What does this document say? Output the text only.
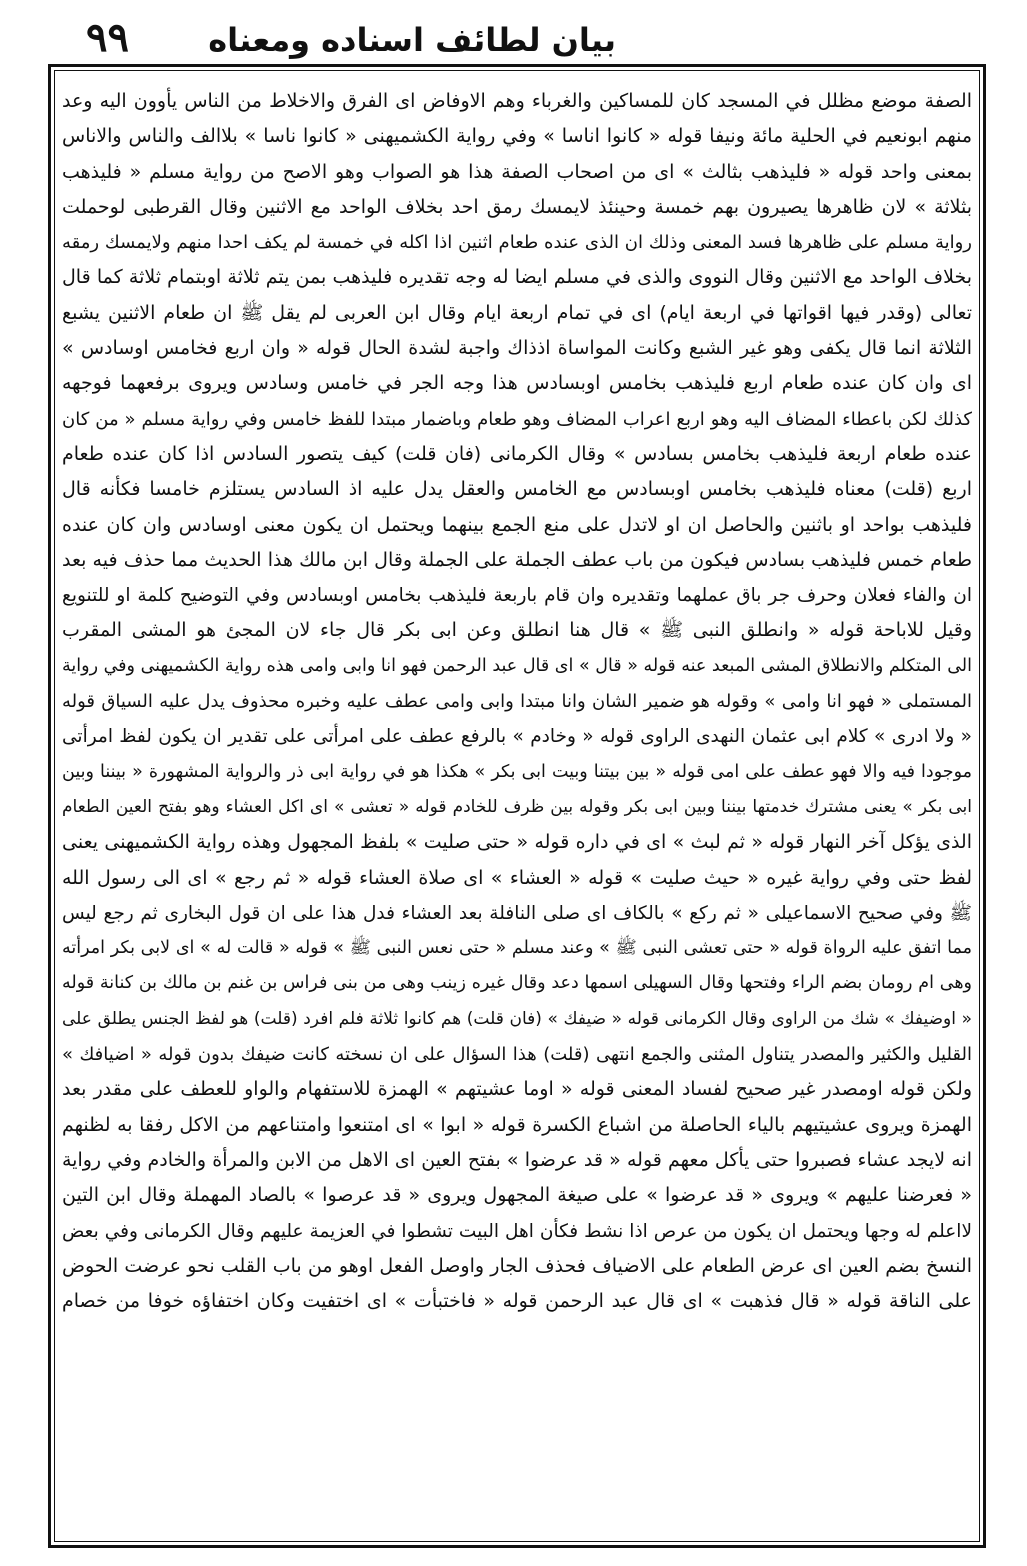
٩٩ بيان لطائف اسناده ومعناه
الصفة موضع مظلل في المسجد كان للمساكين والغرباء وهم الاوفاض اى الفرق والاخلاط من الناس يأوون اليه وعد
منهم ابونعيم في الحلية مائة ونيفا قوله « كانوا اناسا » وفي رواية الكشميهنى « كانوا ناسا » بلاالف والناس والاناس
بمعنى واحد قوله « فليذهب بثالث » اى من اصحاب الصفة هذا هو الصواب وهو الاصح من رواية مسلم « فليذهب
بثلاثة » لان ظاهرها يصيرون بهم خمسة وحينئذ لايمسك رمق احد بخلاف الواحد مع الاثنين وقال القرطبى لوحملت
رواية مسلم على ظاهرها فسد المعنى وذلك ان الذى عنده طعام اثنين اذا اكله في خمسة لم يكف احدا منهم ولايمسك رمقه
بخلاف الواحد مع الاثنين وقال النووى والذى في مسلم ايضا له وجه تقديره فليذهب بمن يتم ثلاثة اوبتمام ثلاثة كما قال
تعالى (وقدر فيها اقواتها في اربعة ايام) اى في تمام اربعة ايام وقال ابن العربى لم يقل ﷺ ان طعام الاثنين يشبع
الثلاثة انما قال يكفى وهو غير الشبع وكانت المواساة اذذاك واجبة لشدة الحال قوله « وان اربع فخامس اوسادس »
اى وان كان عنده طعام اربع فليذهب بخامس اوبسادس هذا وجه الجر في خامس وسادس ويروى برفعهما فوجهه
كذلك لكن باعطاء المضاف اليه وهو اربع اعراب المضاف وهو طعام وباضمار مبتدا للفظ خامس وفي رواية مسلم « من كان
عنده طعام اربعة فليذهب بخامس بسادس » وقال الكرمانى (فان قلت) كيف يتصور السادس اذا كان عنده طعام
اربع (قلت) معناه فليذهب بخامس اوبسادس مع الخامس والعقل يدل عليه اذ السادس يستلزم خامسا فكأنه قال
فليذهب بواحد او باثنين والحاصل ان او لاتدل على منع الجمع بينهما ويحتمل ان يكون معنى اوسادس وان كان عنده
طعام خمس فليذهب بسادس فيكون من باب عطف الجملة على الجملة وقال ابن مالك هذا الحديث مما حذف فيه بعد
ان والفاء فعلان وحرف جر باق عملهما وتقديره وان قام باربعة فليذهب بخامس اوبسادس وفي التوضيح كلمة او للتنويع
وقيل للاباحة قوله « وانطلق النبى ﷺ » قال هنا انطلق وعن ابى بكر قال جاء لان المجئ هو المشى المقرب
الى المتكلم والانطلاق المشى المبعد عنه قوله « قال » اى قال عبد الرحمن فهو انا وابى وامى هذه رواية الكشميهنى وفي رواية
المستملى « فهو انا وامى » وقوله هو ضمير الشان وانا مبتدا وابى وامى عطف عليه وخبره محذوف يدل عليه السياق قوله
« ولا ادرى » كلام ابى عثمان النهدى الراوى قوله « وخادم » بالرفع عطف على امرأتى على تقدير ان يكون لفظ امرأتى
موجودا فيه والا فهو عطف على امى قوله « بين بيتنا وبيت ابى بكر » هكذا هو في رواية ابى ذر والرواية المشهورة « بيننا وبين
ابى بكر » يعنى مشترك خدمتها بيننا وبين ابى بكر وقوله بين ظرف للخادم قوله « تعشى » اى اكل العشاء وهو بفتح العين الطعام
الذى يؤكل آخر النهار قوله « ثم لبث » اى في داره قوله « حتى صليت » بلفظ المجهول وهذه رواية الكشميهنى يعنى
لفظ حتى وفي رواية غيره « حيث صليت » قوله « العشاء » اى صلاة العشاء قوله « ثم رجع » اى الى رسول الله
ﷺ وفي صحيح الاسماعيلى « ثم ركع » بالكاف اى صلى النافلة بعد العشاء فدل هذا على ان قول البخارى ثم رجع ليس
مما اتفق عليه الرواة قوله « حتى تعشى النبى ﷺ » وعند مسلم « حتى نعس النبى ﷺ » قوله « قالت له » اى لابى بكر امرأته
وهى ام رومان بضم الراء وفتحها وقال السهيلى اسمها دعد وقال غيره زينب وهى من بنى فراس بن غنم بن مالك بن كنانة قوله
« اوضيفك » شك من الراوى وقال الكرمانى قوله « ضيفك » (فان قلت) هم كانوا ثلاثة فلم افرد (قلت) هو لفظ الجنس يطلق على
القليل والكثير والمصدر يتناول المثنى والجمع انتهى (قلت) هذا السؤال على ان نسخته كانت ضيفك بدون قوله « اضيافك »
ولكن قوله اومصدر غير صحيح لفساد المعنى قوله « اوما عشيتهم » الهمزة للاستفهام والواو للعطف على مقدر بعد
الهمزة ويروى عشيتيهم بالياء الحاصلة من اشباع الكسرة قوله « ابوا » اى امتنعوا وامتناعهم من الاكل رفقا به لظنهم
انه لايجد عشاء فصبروا حتى يأكل معهم قوله « قد عرضوا » بفتح العين اى الاهل من الابن والمرأة والخادم وفي رواية
« فعرضنا عليهم » ويروى « قد عرضوا » على صيغة المجهول ويروى « قد عرصوا » بالصاد المهملة وقال ابن التين
لااعلم له وجها ويحتمل ان يكون من عرص اذا نشط فكأن اهل البيت تشطوا في العزيمة عليهم وقال الكرمانى وفي بعض
النسخ بضم العين اى عرض الطعام على الاضياف فحذف الجار واوصل الفعل اوهو من باب القلب نحو عرضت الحوض
على الناقة قوله « قال فذهبت » اى قال عبد الرحمن قوله « فاختبأت » اى اختفيت وكان اختفاؤه خوفا من خصام
